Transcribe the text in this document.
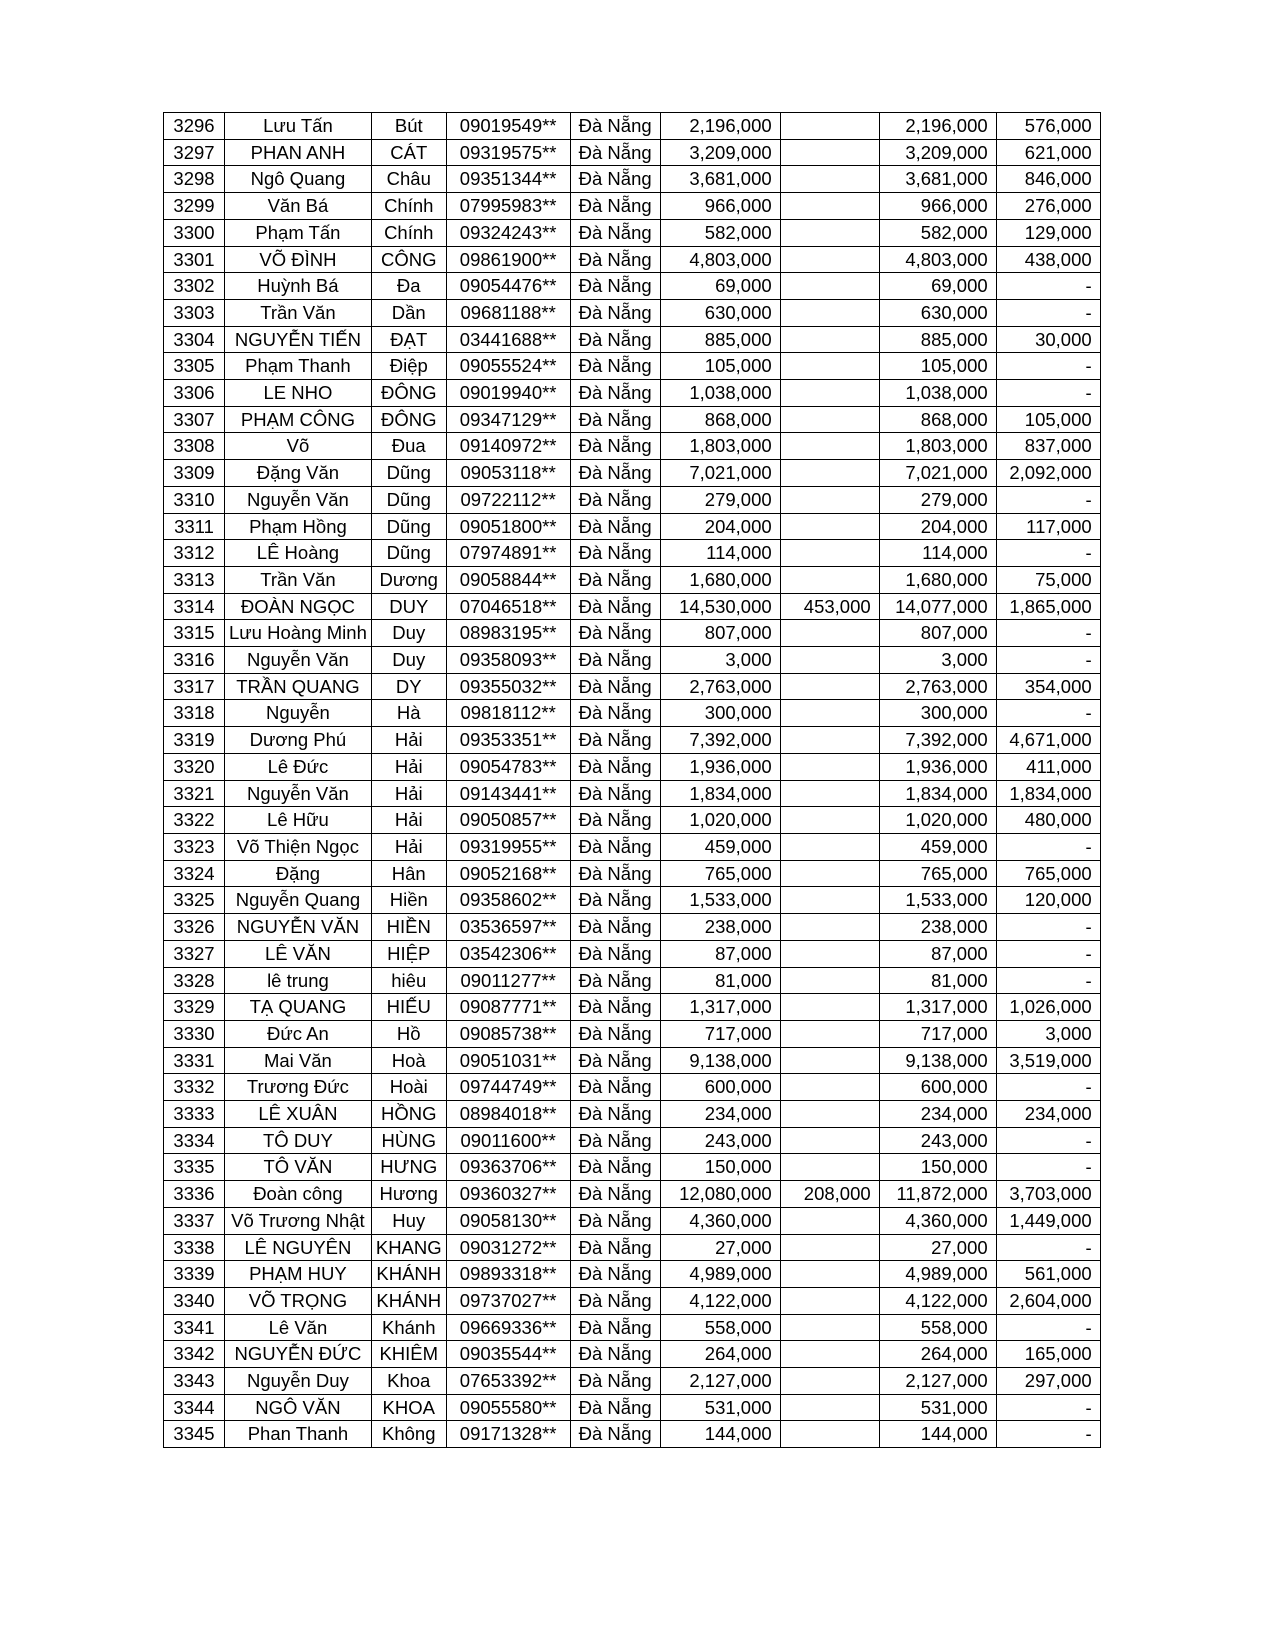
3296	Lưu Tấn	Bút	09019549**	Đà Nẵng	2,196,000		2,196,000	576,000
3297	PHAN ANH	CÁT	09319575**	Đà Nẵng	3,209,000		3,209,000	621,000
3298	Ngô Quang	Châu	09351344**	Đà Nẵng	3,681,000		3,681,000	846,000
3299	Văn Bá	Chính	07995983**	Đà Nẵng	966,000		966,000	276,000
3300	Phạm Tấn	Chính	09324243**	Đà Nẵng	582,000		582,000	129,000
3301	VÕ ĐÌNH	CÔNG	09861900**	Đà Nẵng	4,803,000		4,803,000	438,000
3302	Huỳnh Bá	Đa	09054476**	Đà Nẵng	69,000		69,000	-
3303	Trần Văn	Dần	09681188**	Đà Nẵng	630,000		630,000	-
3304	NGUYỄN TIẾN	ĐẠT	03441688**	Đà Nẵng	885,000		885,000	30,000
3305	Phạm Thanh	Điệp	09055524**	Đà Nẵng	105,000		105,000	-
3306	LE NHO	ĐÔNG	09019940**	Đà Nẵng	1,038,000		1,038,000	-
3307	PHẠM CÔNG	ĐÔNG	09347129**	Đà Nẵng	868,000		868,000	105,000
3308	Võ	Đua	09140972**	Đà Nẵng	1,803,000		1,803,000	837,000
3309	Đặng Văn	Dũng	09053118**	Đà Nẵng	7,021,000		7,021,000	2,092,000
3310	Nguyễn Văn	Dũng	09722112**	Đà Nẵng	279,000		279,000	-
3311	Phạm Hồng	Dũng	09051800**	Đà Nẵng	204,000		204,000	117,000
3312	LÊ Hoàng	Dũng	07974891**	Đà Nẵng	114,000		114,000	-
3313	Trần Văn	Dương	09058844**	Đà Nẵng	1,680,000		1,680,000	75,000
3314	ĐOÀN NGỌC	DUY	07046518**	Đà Nẵng	14,530,000	453,000	14,077,000	1,865,000
3315	Lưu Hoàng Minh	Duy	08983195**	Đà Nẵng	807,000		807,000	-
3316	Nguyễn Văn	Duy	09358093**	Đà Nẵng	3,000		3,000	-
3317	TRẦN QUANG	DY	09355032**	Đà Nẵng	2,763,000		2,763,000	354,000
3318	Nguyễn	Hà	09818112**	Đà Nẵng	300,000		300,000	-
3319	Dương Phú	Hải	09353351**	Đà Nẵng	7,392,000		7,392,000	4,671,000
3320	Lê Đức	Hải	09054783**	Đà Nẵng	1,936,000		1,936,000	411,000
3321	Nguyễn Văn	Hải	09143441**	Đà Nẵng	1,834,000		1,834,000	1,834,000
3322	Lê Hữu	Hải	09050857**	Đà Nẵng	1,020,000		1,020,000	480,000
3323	Võ Thiện Ngọc	Hải	09319955**	Đà Nẵng	459,000		459,000	-
3324	Đặng	Hân	09052168**	Đà Nẵng	765,000		765,000	765,000
3325	Nguyễn Quang	Hiền	09358602**	Đà Nẵng	1,533,000		1,533,000	120,000
3326	NGUYỄN VĂN	HIỀN	03536597**	Đà Nẵng	238,000		238,000	-
3327	LÊ VĂN	HIỆP	03542306**	Đà Nẵng	87,000		87,000	-
3328	lê trung	hiêu	09011277**	Đà Nẵng	81,000		81,000	-
3329	TẠ QUANG	HIẾU	09087771**	Đà Nẵng	1,317,000		1,317,000	1,026,000
3330	Đức An	Hồ	09085738**	Đà Nẵng	717,000		717,000	3,000
3331	Mai Văn	Hoà	09051031**	Đà Nẵng	9,138,000		9,138,000	3,519,000
3332	Trương Đức	Hoài	09744749**	Đà Nẵng	600,000		600,000	-
3333	LÊ XUÂN	HỒNG	08984018**	Đà Nẵng	234,000		234,000	234,000
3334	TÔ DUY	HÙNG	09011600**	Đà Nẵng	243,000		243,000	-
3335	TÔ VĂN	HƯNG	09363706**	Đà Nẵng	150,000		150,000	-
3336	Đoàn công	Hương	09360327**	Đà Nẵng	12,080,000	208,000	11,872,000	3,703,000
3337	Võ Trương Nhật	Huy	09058130**	Đà Nẵng	4,360,000		4,360,000	1,449,000
3338	LÊ NGUYÊN	KHANG	09031272**	Đà Nẵng	27,000		27,000	-
3339	PHẠM HUY	KHÁNH	09893318**	Đà Nẵng	4,989,000		4,989,000	561,000
3340	VÕ TRỌNG	KHÁNH	09737027**	Đà Nẵng	4,122,000		4,122,000	2,604,000
3341	Lê Văn	Khánh	09669336**	Đà Nẵng	558,000		558,000	-
3342	NGUYỄN ĐỨC	KHIÊM	09035544**	Đà Nẵng	264,000		264,000	165,000
3343	Nguyễn Duy	Khoa	07653392**	Đà Nẵng	2,127,000		2,127,000	297,000
3344	NGÔ VĂN	KHOA	09055580**	Đà Nẵng	531,000		531,000	-
3345	Phan Thanh	Không	09171328**	Đà Nẵng	144,000		144,000	-
